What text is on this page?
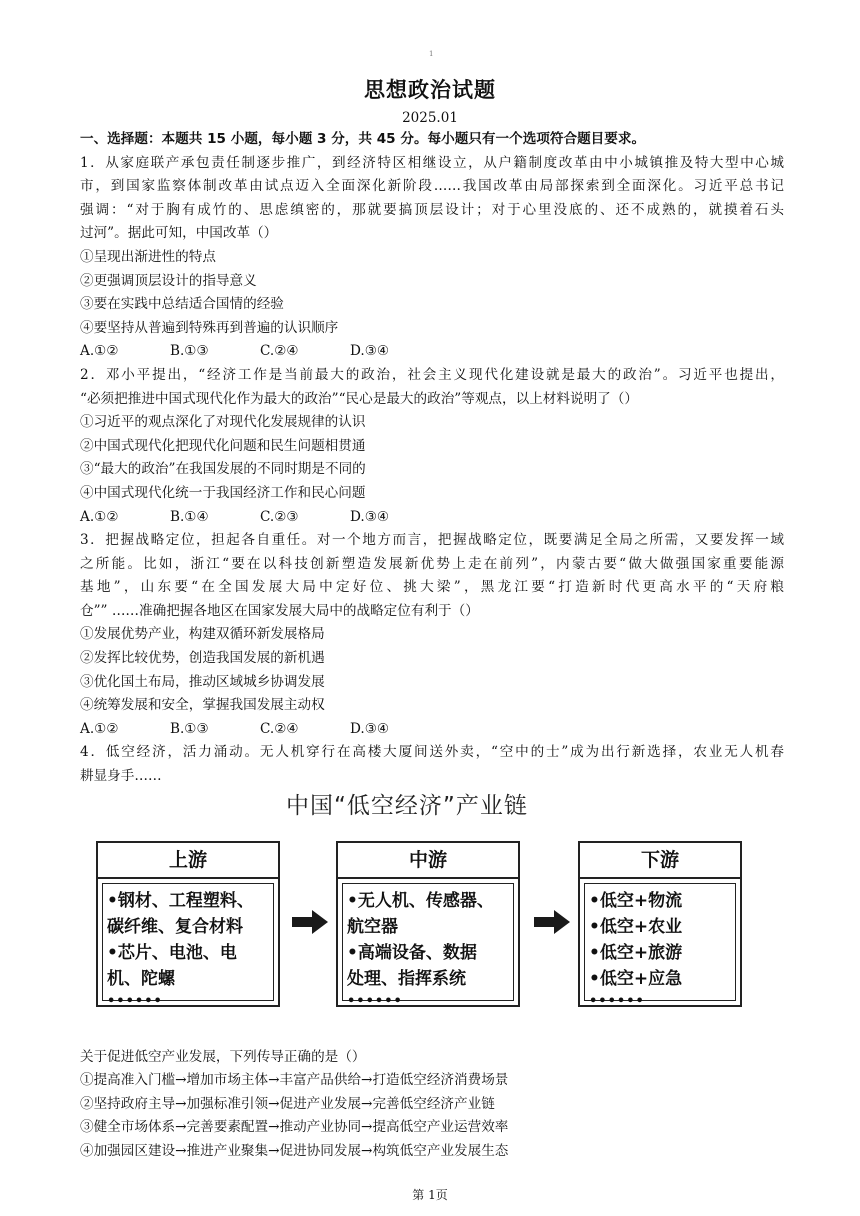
1
思想政治试题
2025.01
一、选择题：本题共 15 小题，每小题 3 分，共 45 分。每小题只有一个选项符合题目要求。
1．从家庭联产承包责任制逐步推广，到经济特区相继设立，从户籍制度改革由中小城镇推及特大型中心城
市，到国家监察体制改革由试点迈入全面深化新阶段……我国改革由局部探索到全面深化。习近平总书记
强调：“对于胸有成竹的、思虑缜密的，那就要搞顶层设计；对于心里没底的、还不成熟的，就摸着石头
过河”。据此可知，中国改革（）
①呈现出渐进性的特点
②更强调顶层设计的指导意义
③要在实践中总结适合国情的经验
④要坚持从普遍到特殊再到普遍的认识顺序
A.①②	B.①③	C.②④	D.③④
2．邓小平提出，“经济工作是当前最大的政治，社会主义现代化建设就是最大的政治”。习近平也提出，
“必须把推进中国式现代化作为最大的政治”“民心是最大的政治”等观点，以上材料说明了（）
①习近平的观点深化了对现代化发展规律的认识
②中国式现代化把现代化问题和民生问题相贯通
③“最大的政治”在我国发展的不同时期是不同的
④中国式现代化统一于我国经济工作和民心问题
A.①②	B.①④	C.②③	D.③④
3．把握战略定位，担起各自重任。对一个地方而言，把握战略定位，既要满足全局之所需，又要发挥一域
之所能。比如，浙江“要在以科技创新塑造发展新优势上走在前列”，内蒙古要“做大做强国家重要能源
基地”，山东要“在全国发展大局中定好位、挑大梁”，黑龙江要“打造新时代更高水平的“天府粮
仓”” ……准确把握各地区在国家发展大局中的战略定位有利于（）
①发展优势产业，构建双循环新发展格局
②发挥比较优势，创造我国发展的新机遇
③优化国土布局，推动区域城乡协调发展
④统筹发展和安全，掌握我国发展主动权
A.①②	B.①③	C.②④	D.③④
4．低空经济，活力涌动。无人机穿行在高楼大厦间送外卖，“空中的士”成为出行新选择，农业无人机春
耕显身手……
中国“低空经济”产业链
上游
•钢材、工程塑料、
碳纤维、复合材料
•芯片、电池、电
机、陀螺
••••••
中游
•无人机、传感器、
航空器
•高端设备、数据
处理、指挥系统
••••••
下游
•低空+物流
•低空+农业
•低空+旅游
•低空+应急
••••••
关于促进低空产业发展，下列传导正确的是（）
①提高准入门槛→增加市场主体→丰富产品供给→打造低空经济消费场景
②坚持政府主导→加强标准引领→促进产业发展→完善低空经济产业链
③健全市场体系→完善要素配置→推动产业协同→提高低空产业运营效率
④加强园区建设→推进产业聚集→促进协同发展→构筑低空产业发展生态
第 1页
